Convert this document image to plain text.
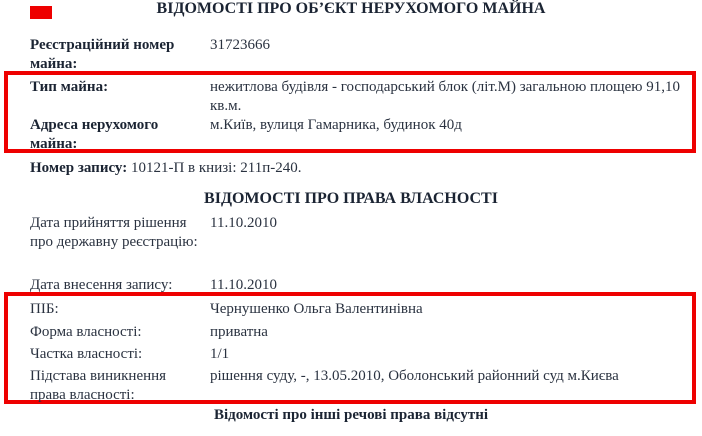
ВІДОМОСТІ ПРО ОБ’ЄКТ НЕРУХОМОГО МАЙНА
Реєстраційний номер майна:
31723666
Тип майна:	нежитлова будівля - господарський блок (літ.М) загальною площею 91,10 кв.м.
Адреса нерухомого майна:
м.Київ, вулиця Гамарника, будинок 40д
Номер запису: 10121-П в книзі: 211п-240.
ВІДОМОСТІ ПРО ПРАВА ВЛАСНОСТІ
Дата прийняття рішення про державну реєстрацію:
11.10.2010
Дата внесення запису:	11.10.2010
ПІБ:	Чернушенко Ольга Валентинівна
Форма власності:	приватна
Частка власності:	1/1
Підстава виникнення права власності:
рішення суду, -, 13.05.2010, Оболонський районний суд м.Києва
Відомості про інші речові права відсутні
